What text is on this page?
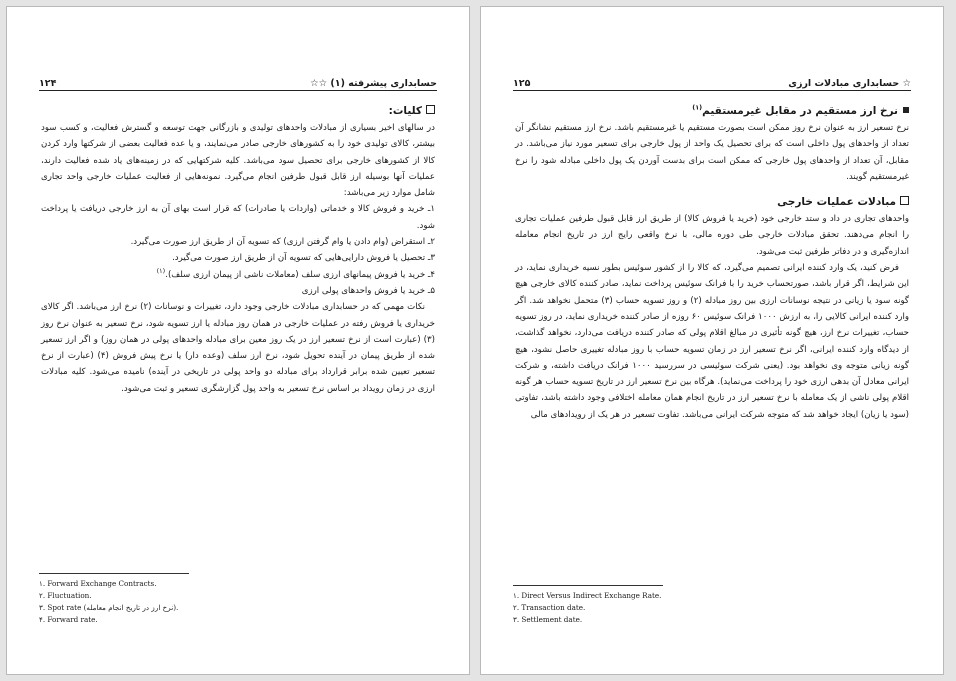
۱۲۴	حسابداری پیشرفته (۱) ☆☆

کلیات:

در سالهای اخیر بسیاری از مبادلات واحدهای تولیدی و بازرگانی جهت توسعه و گسترش فعالیت، و کسب سود بیشتر، کالای تولیدی خود را به کشورهای خارجی صادر می‌نمایند، و یا عده فعالیت بعضی از شرکتها وارد کردن کالا از کشورهای خارجی برای تحصیل سود می‌باشد. کلیه شرکتهایی که در زمینه‌های یاد شده فعالیت دارند، عملیات آنها بوسیله ارز قابل قبول طرفین انجام می‌گیرد. نمونه‌هایی از فعالیت عملیات خارجی واحد تجاری شامل موارد زیر می‌باشد:

۱ـ خرید و فروش کالا و خدماتی (واردات یا صادرات) که قرار است بهای آن به ارز خارجی دریافت یا پرداخت شود.
۲ـ استقراض (وام دادن یا وام گرفتن ارزی) که تسویه آن از طریق ارز صورت می‌گیرد.
۳ـ تحصیل یا فروش دارایی‌هایی که تسویه آن از طریق ارز صورت می‌گیرد.
۴ـ خرید یا فروش پیمانهای ارزی سلف (معاملات ناشی از پیمان ارزی سلف).$^{(۱)}$
۵ـ خرید یا فروش واحدهای پولی ارزی

نکات مهمی که در حسابداری مبادلات خارجی وجود دارد، تغییرات و نوسانات (۲) نرخ ارز می‌باشد. اگر کالای خریداری یا فروش رفته در عملیات خارجی در همان روز مبادله یا ارز تسویه شود، نرخ تسعیر به عنوان نرخ روز (۳) (عبارت است از نرخ تسعیر ارز در یک روز معین برای مبادله واحدهای پولی در همان روز) و اگر ارز تسعیر شده از طریق پیمان در آینده تحویل شود، نرخ ارز سلف (وعده دار) یا نرخ پیش فروش (۴) (عبارت از نرخ تسعیر تعیین شده برابر قرارداد برای مبادله دو واحد پولی در تاریخی در آینده) نامیده می‌شود. کلیه مبادلات ارزی در زمان رویداد بر اساس نرخ تسعیر به واحد پول گزارشگری تسعیر و ثبت می‌شود.

۱. Forward Exchange Contracts.
۲. Fluctuation.
۳. Spot rate (نرخ ارز در تاریخ انجام معامله).
۴. Forward rate.
۱۲۵	☆ حسابداری مبادلات ارزی

نرخ ارز مستقیم در مقابل غیرمستقیم$^{(۱)}$

نرخ تسعیر ارز به عنوان نرخ روز ممکن است بصورت مستقیم یا غیرمستقیم باشد. نرخ ارز مستقیم نشانگر آن تعداد از واحدهای پول داخلی است که برای تحصیل یک واحد از پول خارجی برای تسعیر مورد نیاز می‌باشد. در مقابل، آن تعداد از واحدهای پول خارجی که ممکن است برای بدست آوردن یک پول داخلی مبادله شود را نرخ غیرمستقیم گویند.

مبادلات عملیات خارجی

واحدهای تجاری در داد و ستد خارجی خود (خرید یا فروش کالا) از طریق ارز قابل قبول طرفین عملیات تجاری را انجام می‌دهند. تحقق مبادلات خارجی طی دوره مالی، با نرخ واقعی رایج ارز در تاریخ انجام معامله اندازه‌گیری و در دفاتر طرفین ثبت می‌شود.

فرض کنید، یک وارد کننده ایرانی تصمیم می‌گیرد، که کالا را از کشور سوئیس بطور نسیه خریداری نماید، در این شرایط، اگر قرار باشد، صورتحساب خرید را با فرانک سوئیس پرداخت نماید، صادر کننده کالای خارجی هیچ گونه سود یا زیانی در نتیجه نوسانات ارزی بین روز مبادله (۲) و روز تسویه حساب (۳) متحمل نخواهد شد. اگر وارد کننده ایرانی کالایی را، به ارزش ۱۰۰۰ فرانک سوئیس ۶۰ روزه از صادر کننده خریداری نماید، در روز تسویه حساب، تغییرات نرخ ارز، هیچ گونه تأثیری در مبالغ اقلام پولی که صادر کننده دریافت می‌دارد، نخواهد گذاشت، از دیدگاه وارد کننده ایرانی، اگر نرخ تسعیر ارز در زمان تسویه حساب با روز مبادله تغییری حاصل نشود، هیچ گونه زیانی متوجه وی نخواهد بود. (یعنی شرکت سوئیسی در سررسید ۱۰۰۰ فرانک دریافت داشته، و شرکت ایرانی معادل آن بدهی ارزی خود را پرداخت می‌نماید). هرگاه بین نرخ تسعیر ارز در تاریخ تسویه حساب هر گونه اقلام پولی ناشی از یک معامله با نرخ تسعیر ارز در تاریخ انجام همان معامله اختلافی وجود داشته باشد، تفاوتی (سود یا زیان) ایجاد خواهد شد که متوجه شرکت ایرانی می‌باشد. تفاوت تسعیر در هر یک از رویدادهای مالی

۱. Direct Versus Indirect Exchange Rate.
۲. Transaction date.
۳. Settlement date.
